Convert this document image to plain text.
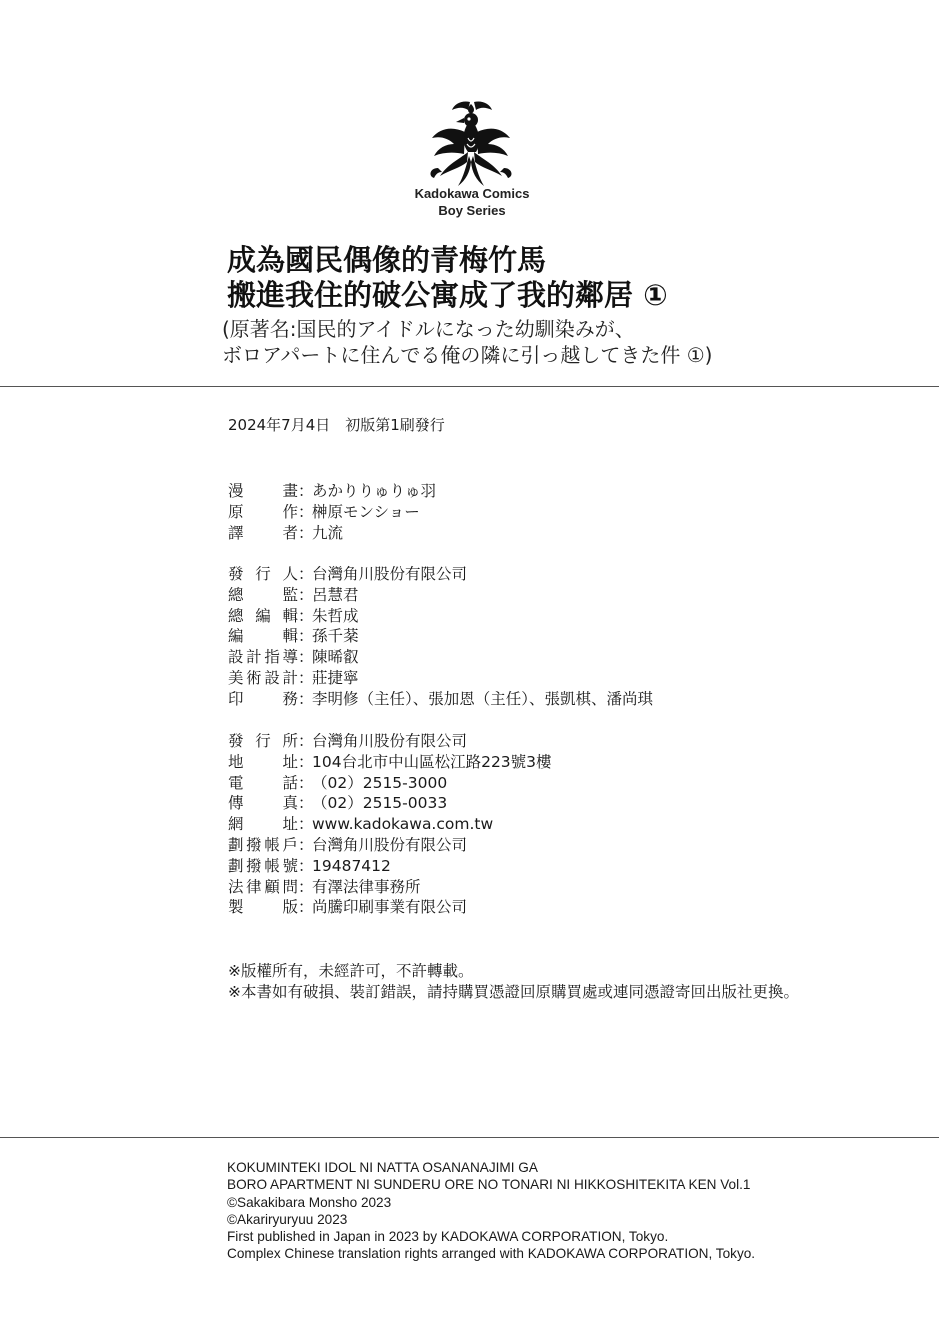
Kadokawa Comics
Boy Series
成為國民偶像的青梅竹馬
搬進我住的破公寓成了我的鄰居 ①
(原著名:国民的アイドルになった幼馴染みが、
ボロアパートに住んでる俺の隣に引っ越してきた件 ①)
2024年7月4日　初版第1刷發行
漫	畫 ：
あかりりゅりゅ羽
原	作 ：
榊原モンショー
譯	者 ：
九流
發 行 人 ：
台灣角川股份有限公司
總	監 ：
呂慧君
總 編 輯 ：
朱哲成
編	輯 ：
孫千棻
設 計 指 導 ：
陳晞叡
美 術 設 計 ：
莊捷寧
印	務 ：
李明修（主任）、張加恩（主任）、張凱棋、潘尚琪
發 行 所 ：
台灣角川股份有限公司
地	址 ：
104台北市中山區松江路223號3樓
電	話 ：
（02）2515-3000
傳	真 ：
（02）2515-0033
網	址 ：
www.kadokawa.com.tw
劃 撥 帳 戶 ：
台灣角川股份有限公司
劃 撥 帳 號 ：
19487412
法 律 顧 問 ：
有澤法律事務所
製	版 ：
尚騰印刷事業有限公司
※版權所有，未經許可，不許轉載。
※本書如有破損、裝訂錯誤，請持購買憑證回原購買處或連同憑證寄回出版社更換。
KOKUMINTEKI IDOL NI NATTA OSANANAJIMI GA
BORO APARTMENT NI SUNDERU ORE NO TONARI NI HIKKOSHITEKITA KEN Vol.1
©Sakakibara Monsho 2023
©Akariryuryuu 2023
First published in Japan in 2023 by KADOKAWA CORPORATION, Tokyo.
Complex Chinese translation rights arranged with KADOKAWA CORPORATION, Tokyo.
